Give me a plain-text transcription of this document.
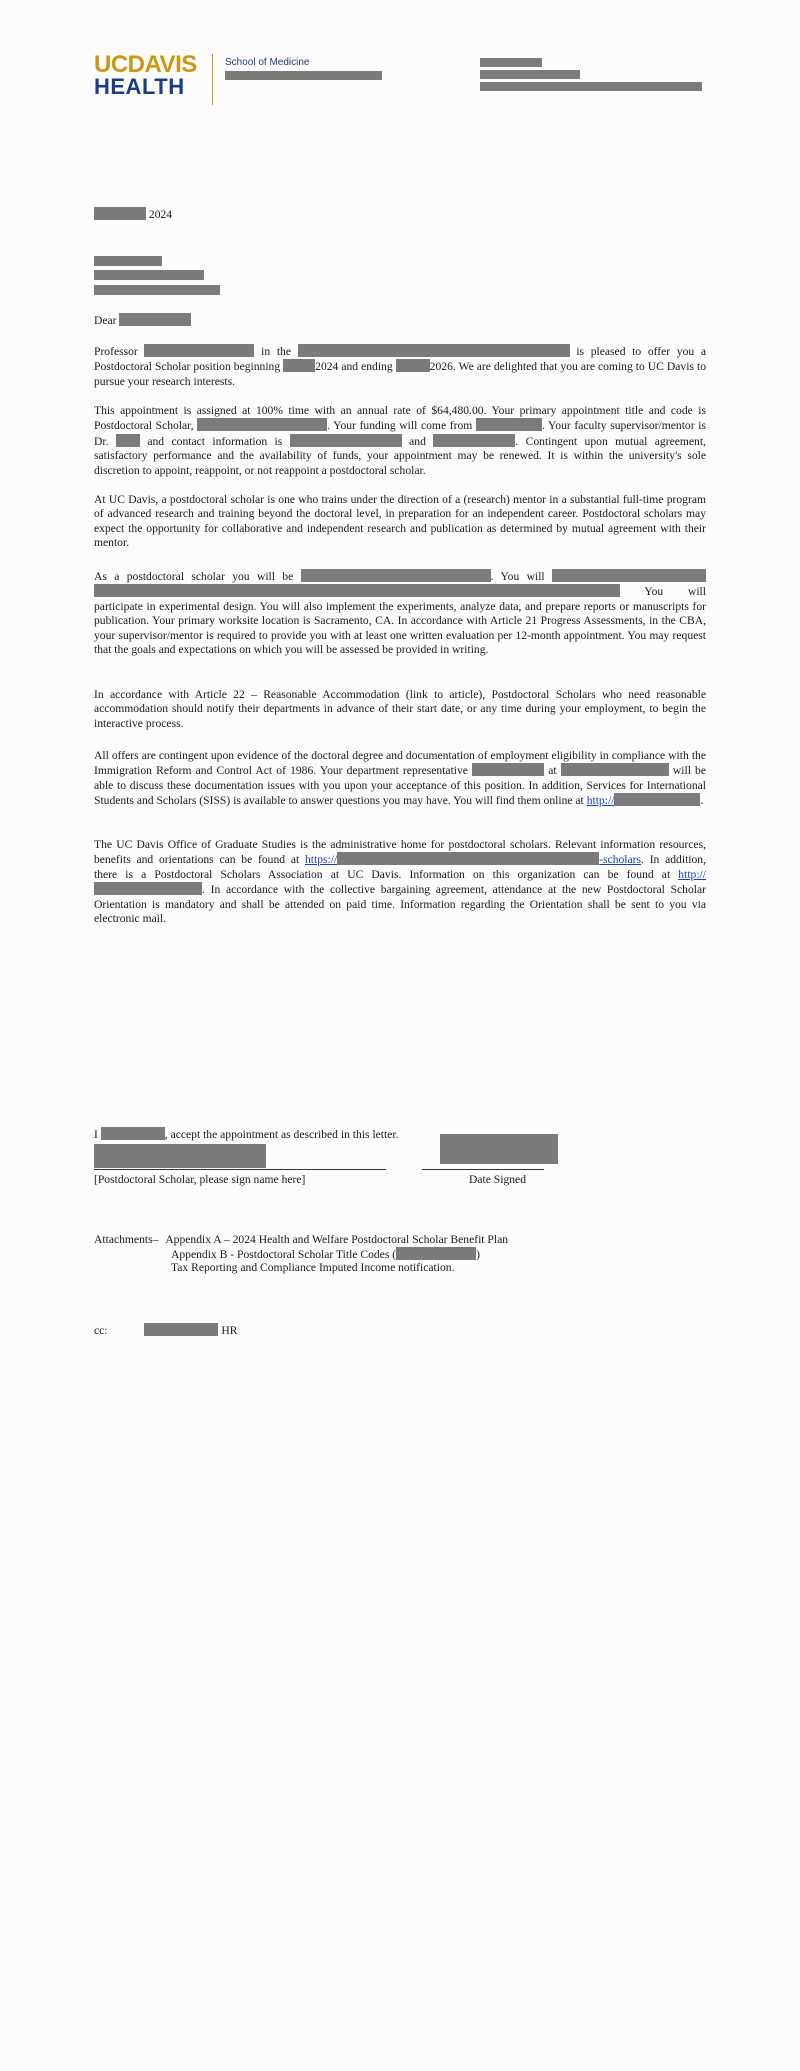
UCDAVIS
HEALTH
School of Medicine
2024
Dear

Professor	in the	is pleased to offer you a Postdoctoral Scholar position beginning	2024 and ending	2026. We are delighted that you are coming to UC Davis to pursue your research interests.

This appointment is assigned at 100% time with an annual rate of $64,480.00. Your primary appointment title and code is Postdoctoral Scholar,	. Your funding will come from	. Your faculty supervisor/mentor is Dr.	and contact information is	and	. Contingent upon mutual agreement, satisfactory performance and the availability of funds, your appointment may be renewed. It is within the university's sole discretion to appoint, reappoint, or not reappoint a postdoctoral scholar.

At UC Davis, a postdoctoral scholar is one who trains under the direction of a (research) mentor in a substantial full-time program of advanced research and training beyond the doctoral level, in preparation for an independent career. Postdoctoral scholars may expect the opportunity for collaborative and independent research and publication as determined by mutual agreement with their mentor.

As a postdoctoral scholar you will be	. You will   You will participate in experimental design. You will also implement the experiments, analyze data, and prepare reports or manuscripts for publication. Your primary worksite location is Sacramento, CA. In accordance with Article 21 Progress Assessments, in the CBA, your supervisor/mentor is required to provide you with at least one written evaluation per 12-month appointment. You may request that the goals and expectations on which you will be assessed be provided in writing.

In accordance with Article 22 – Reasonable Accommodation (link to article), Postdoctoral Scholars who need reasonable accommodation should notify their departments in advance of their start date, or any time during your employment, to begin the interactive process.

All offers are contingent upon evidence of the doctoral degree and documentation of employment eligibility in compliance with the Immigration Reform and Control Act of 1986. Your department representative	at	will be able to discuss these documentation issues with you upon your acceptance of this position. In addition, Services for International Students and Scholars (SISS) is available to answer questions you may have. You will find them online at http://	.

The UC Davis Office of Graduate Studies is the administrative home for postdoctoral scholars. Relevant information resources, benefits and orientations can be found at https://	-scholars. In addition, there is a Postdoctoral Scholars Association at UC Davis. Information on this organization can be found at http://. In accordance with the collective bargaining agreement, attendance at the new Postdoctoral Scholar Orientation is mandatory and shall be attended on paid time. Information regarding the Orientation shall be sent to you via electronic mail.

I	, accept the appointment as described in this letter.
[Postdoctoral Scholar, please sign name here]	Date Signed
Attachments– Appendix A – 2024 Health and Welfare Postdoctoral Scholar Benefit Plan
Appendix B - Postdoctoral Scholar Title Codes (	)
Tax Reporting and Compliance Imputed Income notification.
cc:	HR
